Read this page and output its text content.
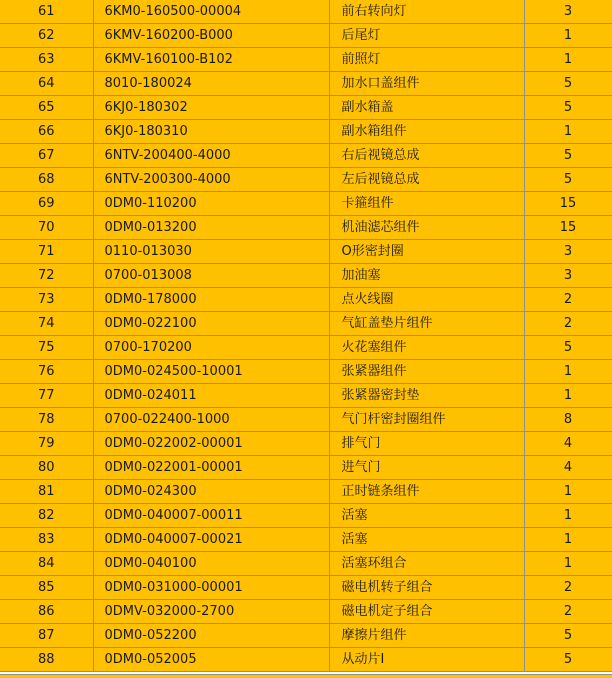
61	6KM0-160500-00004	前右转向灯	3
62	6KMV-160200-B000	后尾灯	1
63	6KMV-160100-B102	前照灯	1
64	8010-180024	加水口盖组件	5
65	6KJ0-180302	副水箱盖	5
66	6KJ0-180310	副水箱组件	1
67	6NTV-200400-4000	右后视镜总成	5
68	6NTV-200300-4000	左后视镜总成	5
69	0DM0-110200	卡箍组件	15
70	0DM0-013200	机油滤芯组件	15
71	0110-013030	O形密封圈	3
72	0700-013008	加油塞	3
73	0DM0-178000	点火线圈	2
74	0DM0-022100	气缸盖垫片组件	2
75	0700-170200	火花塞组件	5
76	0DM0-024500-10001	张紧器组件	1
77	0DM0-024011	张紧器密封垫	1
78	0700-022400-1000	气门杆密封圈组件	8
79	0DM0-022002-00001	排气门	4
80	0DM0-022001-00001	进气门	4
81	0DM0-024300	正时链条组件	1
82	0DM0-040007-00011	活塞	1
83	0DM0-040007-00021	活塞	1
84	0DM0-040100	活塞环组合	1
85	0DM0-031000-00001	磁电机转子组合	2
86	0DMV-032000-2700	磁电机定子组合	2
87	0DM0-052200	摩擦片组件	5
88	0DM0-052005	从动片Ⅰ	5
